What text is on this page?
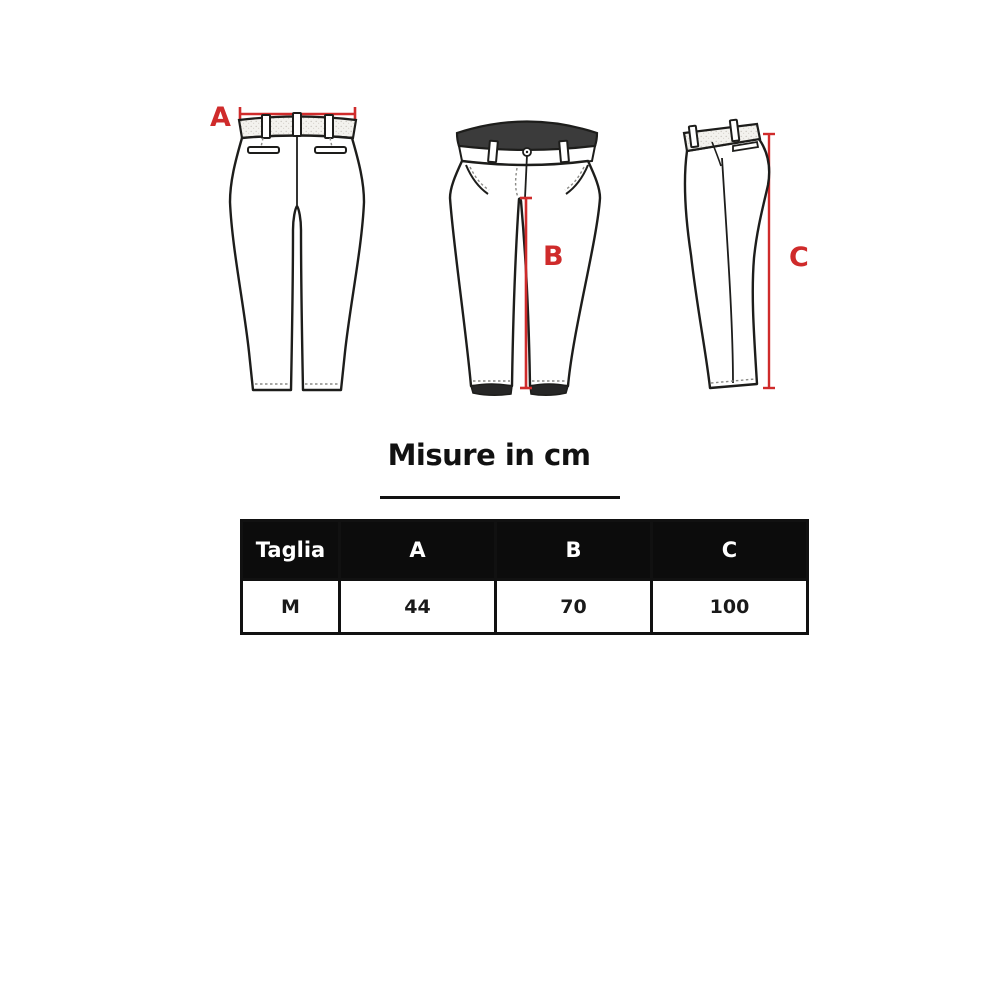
A
B	C
Misure in cm
Taglia	A	B	C
M	44	70	100
